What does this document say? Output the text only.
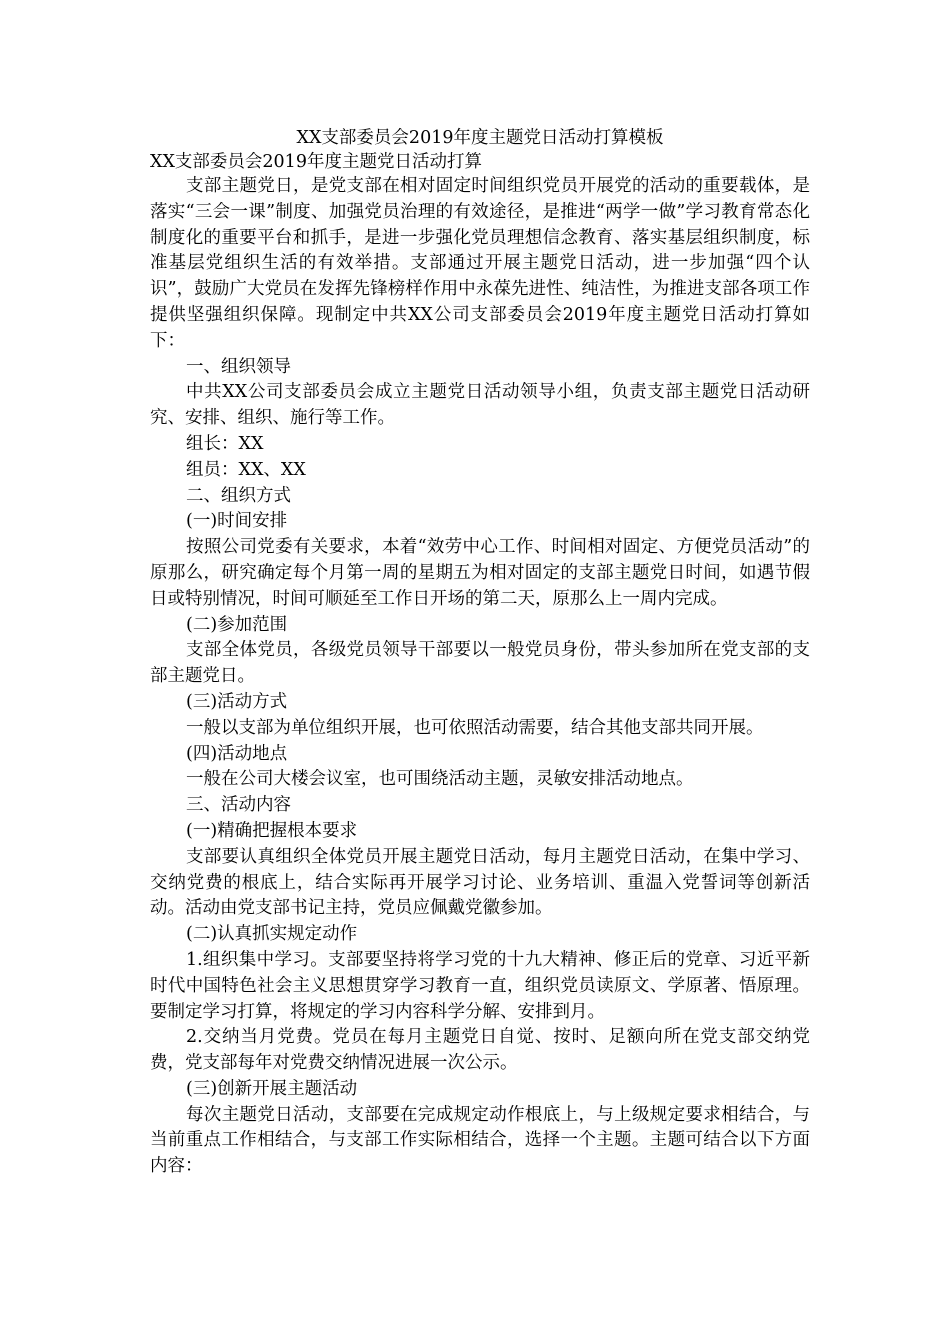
XX支部委员会2019年度主题党日活动打算模板

XX支部委员会2019年度主题党日活动打算

支部主题党日，是党支部在相对固定时间组织党员开展党的活动的重要载体，是落实“三会一课”制度、加强党员治理的有效途径，是推进“两学一做”学习教育常态化制度化的重要平台和抓手，是进一步强化党员理想信念教育、落实基层组织制度，标准基层党组织生活的有效举措。支部通过开展主题党日活动，进一步加强“四个认识”，鼓励广大党员在发挥先锋榜样作用中永葆先进性、纯洁性，为推进支部各项工作提供坚强组织保障。现制定中共XX公司支部委员会2019年度主题党日活动打算如下：

一、组织领导

中共XX公司支部委员会成立主题党日活动领导小组，负责支部主题党日活动研究、安排、组织、施行等工作。

组长：XX

组员：XX、XX

二、组织方式

(一)时间安排

按照公司党委有关要求，本着“效劳中心工作、时间相对固定、方便党员活动”的原那么，研究确定每个月第一周的星期五为相对固定的支部主题党日时间，如遇节假日或特别情况，时间可顺延至工作日开场的第二天，原那么上一周内完成。

(二)参加范围

支部全体党员，各级党员领导干部要以一般党员身份，带头参加所在党支部的支部主题党日。

(三)活动方式

一般以支部为单位组织开展，也可依照活动需要，结合其他支部共同开展。

(四)活动地点

一般在公司大楼会议室，也可围绕活动主题，灵敏安排活动地点。

三、活动内容

(一)精确把握根本要求

支部要认真组织全体党员开展主题党日活动，每月主题党日活动，在集中学习、交纳党费的根底上，结合实际再开展学习讨论、业务培训、重温入党誓词等创新活动。活动由党支部书记主持，党员应佩戴党徽参加。

(二)认真抓实规定动作

1.组织集中学习。支部要坚持将学习党的十九大精神、修正后的党章、习近平新时代中国特色社会主义思想贯穿学习教育一直，组织党员读原文、学原著、悟原理。要制定学习打算，将规定的学习内容科学分解、安排到月。

2.交纳当月党费。党员在每月主题党日自觉、按时、足额向所在党支部交纳党费，党支部每年对党费交纳情况进展一次公示。

(三)创新开展主题活动

每次主题党日活动，支部要在完成规定动作根底上，与上级规定要求相结合，与当前重点工作相结合，与支部工作实际相结合，选择一个主题。主题可结合以下方面内容：
